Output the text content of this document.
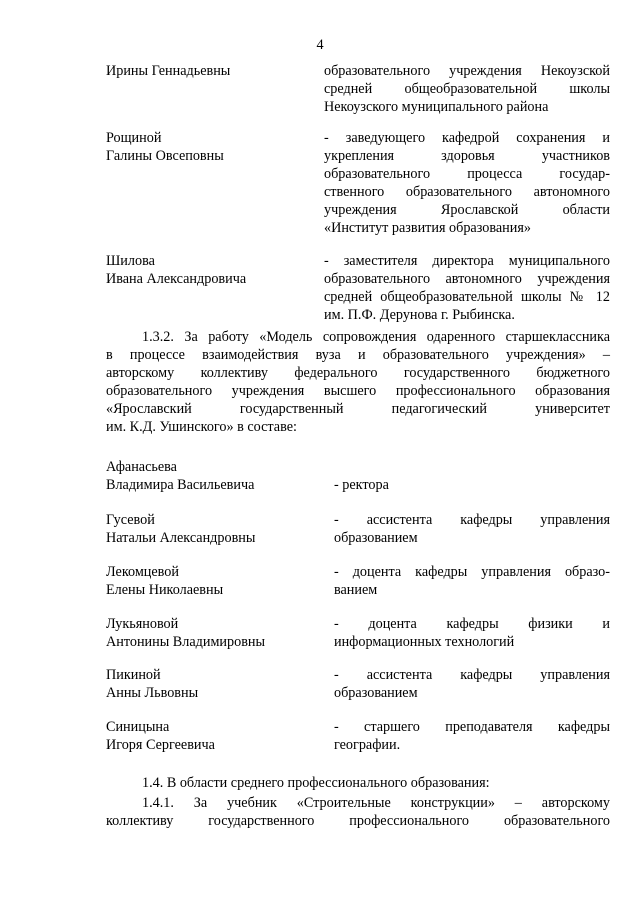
4
Ирины Геннадьевны	образовательного учреждения Некоузской
средней общеобразовательной школы
Некоузского муниципального района
Рощиной
Галины Овсеповны
- заведующего кафедрой сохранения и
укрепления здоровья участников
образовательного процесса государ-
ственного образовательного автономного
учреждения Ярославской области
«Институт развития образования»
Шилова
Ивана Александровича
- заместителя директора муниципального
образовательного автономного учреждения
средней общеобразовательной школы № 12
им. П.Ф. Дерунова г. Рыбинска.
1.3.2. За работу «Модель сопровождения одаренного старшеклассника
в процессе взаимодействия вуза и образовательного учреждения» –
авторскому коллективу федерального государственного бюджетного
образовательного учреждения высшего профессионального образования
«Ярославский государственный педагогический университет
им. К.Д. Ушинского» в составе:
Афанасьева
Владимира Васильевича
	- ректора
Гусевой
Натальи Александровны
- ассистента кафедры управления
образованием
Лекомцевой
Елены Николаевны
- доцента кафедры управления образо-
ванием
Лукьяновой
Антонины Владимировны
- доцента кафедры физики и
информационных технологий
Пикиной
Анны Львовны
- ассистента кафедры управления
образованием
Синицына
Игоря Сергеевича
- старшего преподавателя кафедры
географии.
1.4. В области среднего профессионального образования:
1.4.1. За учебник «Строительные конструкции» – авторскому
коллективу государственного профессионального образовательного
